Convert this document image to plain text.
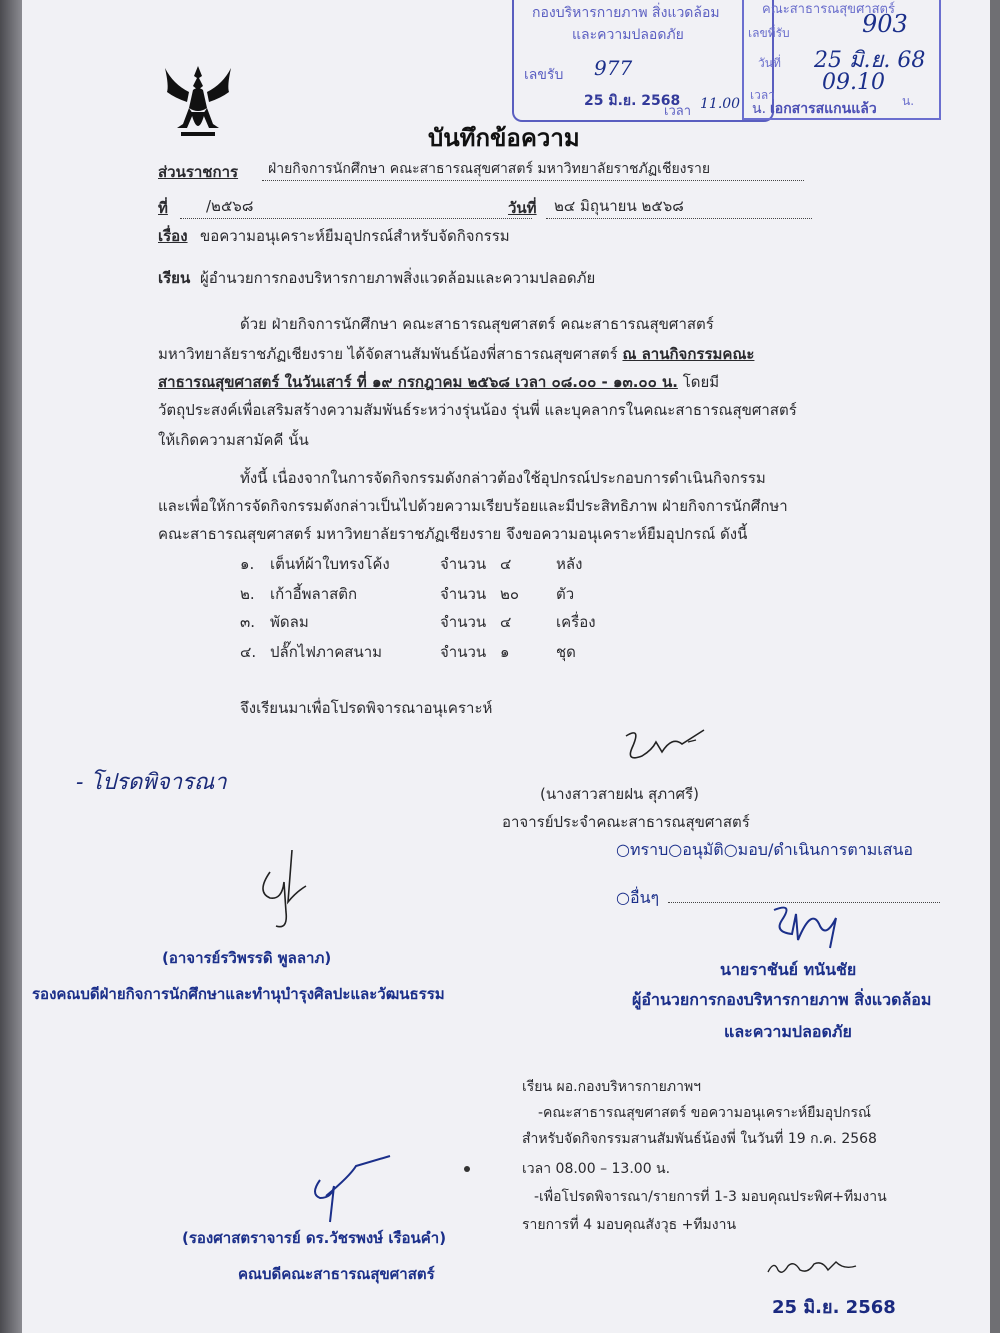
กองบริหารกายภาพ สิ่งแวดล้อม
และความปลอดภัย
เลขรับ 977
25 มิ.ย. 2568
เวลา 11.00 น. เอกสารสแกนแล้ว
คณะสาธารณสุขศาสตร์
เลขที่รับ	903
วันที่ 25 มิ.ย. 68
เวลา 09.10
น.
บันทึกข้อความ
ส่วนราชการ	ฝ่ายกิจการนักศึกษา คณะสาธารณสุขศาสตร์ มหาวิทยาลัยราชภัฏเชียงราย
ที่	/๒๕๖๘	วันที่	๒๔ มิถุนายน ๒๕๖๘
เรื่อง ขอความอนุเคราะห์ยืมอุปกรณ์สำหรับจัดกิจกรรม
เรียน ผู้อำนวยการกองบริหารกายภาพสิ่งแวดล้อมและความปลอดภัย
ด้วย ฝ่ายกิจการนักศึกษา คณะสาธารณสุขศาสตร์ คณะสาธารณสุขศาสตร์
มหาวิทยาลัยราชภัฏเชียงราย ได้จัดสานสัมพันธ์น้องพี่สาธารณสุขศาสตร์ ณ ลานกิจกรรมคณะ
สาธารณสุขศาสตร์ ในวันเสาร์ ที่ ๑๙ กรกฎาคม ๒๕๖๘ เวลา ๐๘.๐๐ - ๑๓.๐๐ น. โดยมี
วัตถุประสงค์เพื่อเสริมสร้างความสัมพันธ์ระหว่างรุ่นน้อง รุ่นพี่ และบุคลากรในคณะสาธารณสุขศาสตร์
ให้เกิดความสามัคคี นั้น
ทั้งนี้ เนื่องจากในการจัดกิจกรรมดังกล่าวต้องใช้อุปกรณ์ประกอบการดำเนินกิจกรรม
และเพื่อให้การจัดกิจกรรมดังกล่าวเป็นไปด้วยความเรียบร้อยและมีประสิทธิภาพ ฝ่ายกิจการนักศึกษา
คณะสาธารณสุขศาสตร์ มหาวิทยาลัยราชภัฏเชียงราย จึงขอความอนุเคราะห์ยืมอุปกรณ์ ดังนี้
๑. เต็นท์ผ้าใบทรงโค้ง	จำนวน ๔	หลัง
๒. เก้าอี้พลาสติก	จำนวน ๒๐ ตัว
๓. พัดลม	จำนวน ๔	เครื่อง
๔. ปลั๊กไฟภาคสนาม	จำนวน ๑	ชุด
จึงเรียนมาเพื่อโปรดพิจารณาอนุเคราะห์
- โปรดพิจารณา	(นางสาวสายฝน สุภาศรี)
อาจารย์ประจำคณะสาธารณสุขศาสตร์
○ทราบ○อนุมัติ○มอบ/ดำเนินการตามเสนอ
○อื่นๆ
นายราชันย์ ทนันชัย
ผู้อำนวยการกองบริหารกายภาพ สิ่งแวดล้อม
และความปลอดภัย
(อาจารย์รวิพรรดิ พูลลาภ)
รองคณบดีฝ่ายกิจการนักศึกษาและทำนุบำรุงศิลปะและวัฒนธรรม
เรียน ผอ.กองบริหารกายภาพฯ
-คณะสาธารณสุขศาสตร์ ขอความอนุเคราะห์ยืมอุปกรณ์
สำหรับจัดกิจกรรมสานสัมพันธ์น้องพี่ ในวันที่ 19 ก.ค. 2568
เวลา 08.00 – 13.00 น.
-เพื่อโปรดพิจารณา/รายการที่ 1-3 มอบคุณประพิศ+ทีมงาน
รายการที่ 4 มอบคุณสังวุธ +ทีมงาน
25 มิ.ย. 2568
(รองศาสตราจารย์ ดร.วัชรพงษ์ เรือนคำ)
คณบดีคณะสาธารณสุขศาสตร์
